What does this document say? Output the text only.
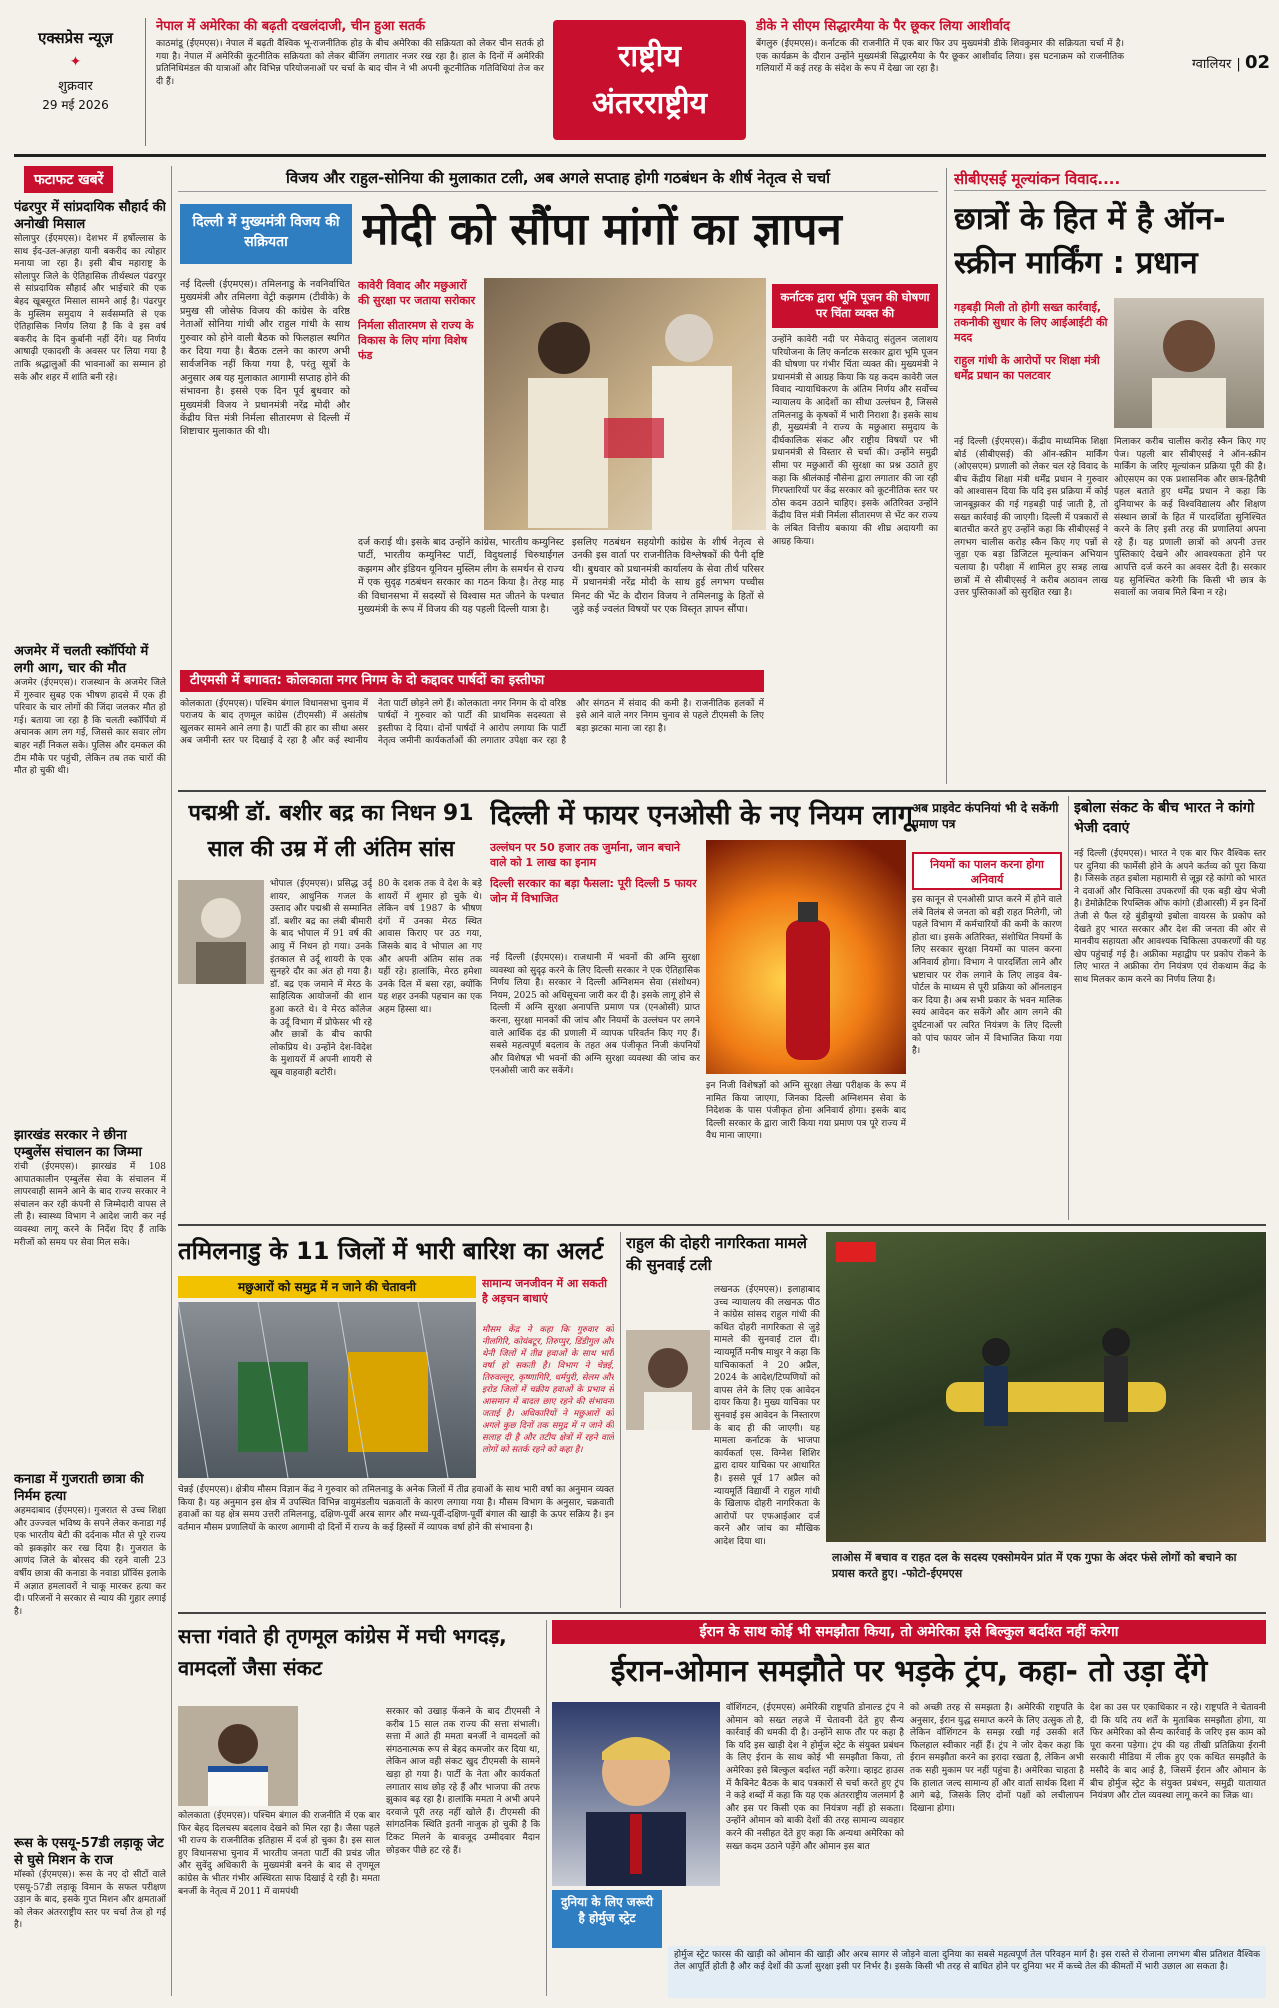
एक्सप्रेस न्यूज़
✦
शुक्रवार
29 मई 2026
नेपाल में अमेरिका की बढ़ती दखलंदाजी, चीन हुआ सतर्क
काठमांडू (ईएमएस)। नेपाल में बढ़ती वैश्विक भू-राजनीतिक होड़ के बीच अमेरिका की सक्रियता को लेकर चीन सतर्क हो गया है। नेपाल में अमेरिकी कूटनीतिक सक्रियता को लेकर बीजिंग लगातार नजर रख रहा है। हाल के दिनों में अमेरिकी प्रतिनिधिमंडल की यात्राओं और विभिन्न परियोजनाओं पर चर्चा के बाद चीन ने भी अपनी कूटनीतिक गतिविधियां तेज कर दी हैं।
राष्ट्रीय
अंतरराष्ट्रीय
डीके ने सीएम सिद्धारमैया के पैर छूकर लिया आशीर्वाद
बेंगलुरु (ईएमएस)। कर्नाटक की राजनीति में एक बार फिर उप मुख्यमंत्री डीके शिवकुमार की सक्रियता चर्चा में है। एक कार्यक्रम के दौरान उन्होंने मुख्यमंत्री सिद्धारमैया के पैर छूकर आशीर्वाद लिया। इस घटनाक्रम को राजनीतिक गलियारों में कई तरह के संदेश के रूप में देखा जा रहा है।	ग्वालियर | 02
फटाफट खबरें
पंढरपुर में सांप्रदायिक सौहार्द की अनोखी मिसाल
सोलापुर (ईएमएस)। देशभर में हर्षोल्लास के साथ ईद-उल-अज़हा यानी बकरीद का त्योहार मनाया जा रहा है। इसी बीच महाराष्ट्र के सोलापुर जिले के ऐतिहासिक तीर्थस्थल पंढरपुर से सांप्रदायिक सौहार्द और भाईचारे की एक बेहद खूबसूरत मिसाल सामने आई है। पंढरपुर के मुस्लिम समुदाय ने सर्वसम्मति से एक ऐतिहासिक निर्णय लिया है कि वे इस वर्ष बकरीद के दिन कुर्बानी नहीं देंगे। यह निर्णय आषाढ़ी एकादशी के अवसर पर लिया गया है ताकि श्रद्धालुओं की भावनाओं का सम्मान हो सके और शहर में शांति बनी रहे।
अजमेर में चलती स्कॉर्पियो में लगी आग, चार की मौत
अजमेर (ईएमएस)। राजस्थान के अजमेर जिले में गुरुवार सुबह एक भीषण हादसे में एक ही परिवार के चार लोगों की जिंदा जलकर मौत हो गई। बताया जा रहा है कि चलती स्कॉर्पियो में अचानक आग लग गई, जिससे कार सवार लोग बाहर नहीं निकल सके। पुलिस और दमकल की टीम मौके पर पहुंची, लेकिन तब तक चारों की मौत हो चुकी थी।
झारखंड सरकार ने छीना एम्बुलेंस संचालन का जिम्मा
रांची (ईएमएस)। झारखंड में 108 आपातकालीन एम्बुलेंस सेवा के संचालन में लापरवाही सामने आने के बाद राज्य सरकार ने संचालन कर रही कंपनी से जिम्मेदारी वापस ले ली है। स्वास्थ्य विभाग ने आदेश जारी कर नई व्यवस्था लागू करने के निर्देश दिए हैं ताकि मरीजों को समय पर सेवा मिल सके।
कनाडा में गुजराती छात्रा की निर्मम हत्या
अहमदाबाद (ईएमएस)। गुजरात से उच्च शिक्षा और उज्ज्वल भविष्य के सपने लेकर कनाडा गई एक भारतीय बेटी की दर्दनाक मौत से पूरे राज्य को झकझोर कर रख दिया है। गुजरात के आणंद जिले के बोरसद की रहने वाली 23 वर्षीय छात्रा की कनाडा के नवाडा प्रॉविंस इलाके में अज्ञात हमलावरों ने चाकू मारकर हत्या कर दी। परिजनों ने सरकार से न्याय की गुहार लगाई है।
रूस के एसयू-57डी लड़ाकू जेट से घुसे मिशन के राज
मॉस्को (ईएमएस)। रूस के नए दो सीटों वाले एसयू-57डी लड़ाकू विमान के सफल परीक्षण उड़ान के बाद, इसके गुप्त मिशन और क्षमताओं को लेकर अंतरराष्ट्रीय स्तर पर चर्चा तेज हो गई है।
विजय और राहुल-सोनिया की मुलाकात टली, अब अगले सप्ताह होगी गठबंधन के शीर्ष नेतृत्व से चर्चा
दिल्ली में मुख्यमंत्री विजय की सक्रियता	मोदी को सौंपा मांगों का ज्ञापन
नई दिल्ली (ईएमएस)। तमिलनाडु के नवनिर्वाचित मुख्यमंत्री और तमिलगा वेट्री कझगम (टीवीके) के प्रमुख सी जोसेफ विजय की कांग्रेस के वरिष्ठ नेताओं सोनिया गांधी और राहुल गांधी के साथ गुरुवार को होने वाली बैठक को फिलहाल स्थगित कर दिया गया है। बैठक टलने का कारण अभी सार्वजनिक नहीं किया गया है, परंतु सूत्रों के अनुसार अब यह मुलाकात आगामी सप्ताह होने की संभावना है। इससे एक दिन पूर्व बुधवार को मुख्यमंत्री विजय ने प्रधानमंत्री नरेंद्र मोदी और केंद्रीय वित्त मंत्री निर्मला सीतारमण से दिल्ली में शिष्टाचार मुलाकात की थी।
कावेरी विवाद और मछुआरों की सुरक्षा पर जताया सरोकार
निर्मला सीतारमण से राज्य के विकास के लिए मांगा विशेष फंड
दर्ज कराई थी। इसके बाद उन्होंने कांग्रेस, भारतीय कम्युनिस्ट पार्टी, भारतीय कम्युनिस्ट पार्टी, विदुथलाई चिरुथाईगल कझगम और इंडियन यूनियन मुस्लिम लीग के समर्थन से राज्य में एक सुदृढ़ गठबंधन सरकार का गठन किया है। तेरह माह की विधानसभा में सदस्यों से विश्वास मत जीतने के पश्चात मुख्यमंत्री के रूप में विजय की यह पहली दिल्ली यात्रा है।
इसलिए गठबंधन सहयोगी कांग्रेस के शीर्ष नेतृत्व से उनकी इस वार्ता पर राजनीतिक विश्लेषकों की पैनी दृष्टि थी। बुधवार को प्रधानमंत्री कार्यालय के सेवा तीर्थ परिसर में प्रधानमंत्री नरेंद्र मोदी के साथ हुई लगभग पच्चीस मिनट की भेंट के दौरान विजय ने तमिलनाडु के हितों से जुड़े कई ज्वलंत विषयों पर एक विस्तृत ज्ञापन सौंपा।
कर्नाटक द्वारा भूमि पूजन की घोषणा पर चिंता व्यक्त की
उन्होंने कावेरी नदी पर मेकेदातु संतुलन जलाशय परियोजना के लिए कर्नाटक सरकार द्वारा भूमि पूजन की घोषणा पर गंभीर चिंता व्यक्त की। मुख्यमंत्री ने प्रधानमंत्री से आग्रह किया कि यह कदम कावेरी जल विवाद न्यायाधिकरण के अंतिम निर्णय और सर्वोच्च न्यायालय के आदेशों का सीधा उल्लंघन है, जिससे तमिलनाडु के कृषकों में भारी निराशा है। इसके साथ ही, मुख्यमंत्री ने राज्य के मछुआरा समुदाय के दीर्घकालिक संकट और राष्ट्रीय विषयों पर भी प्रधानमंत्री से विस्तार से चर्चा की। उन्होंने समुद्री सीमा पर मछुआरों की सुरक्षा का प्रश्न उठाते हुए कहा कि श्रीलंकाई नौसेना द्वारा लगातार की जा रही गिरफ्तारियों पर केंद्र सरकार को कूटनीतिक स्तर पर ठोस कदम उठाने चाहिए। इसके अतिरिक्त उन्होंने केंद्रीय वित्त मंत्री निर्मला सीतारमण से भेंट कर राज्य के लंबित वित्तीय बकाया की शीघ्र अदायगी का आग्रह किया।
टीएमसी में बगावत: कोलकाता नगर निगम के दो कद्दावर पार्षदों का इस्तीफा
कोलकाता (ईएमएस)। पश्चिम बंगाल विधानसभा चुनाव में पराजय के बाद तृणमूल कांग्रेस (टीएमसी) में असंतोष खुलकर सामने आने लगा है। पार्टी की हार का सीधा असर अब जमीनी स्तर पर दिखाई दे रहा है और कई स्थानीय नेता पार्टी छोड़ने लगे हैं। कोलकाता नगर निगम के दो वरिष्ठ पार्षदों ने गुरुवार को पार्टी की प्राथमिक सदस्यता से इस्तीफा दे दिया। दोनों पार्षदों ने आरोप लगाया कि पार्टी नेतृत्व जमीनी कार्यकर्ताओं की लगातार उपेक्षा कर रहा है और संगठन में संवाद की कमी है। राजनीतिक हलकों में इसे आने वाले नगर निगम चुनाव से पहले टीएमसी के लिए बड़ा झटका माना जा रहा है।
सीबीएसई मूल्यांकन विवाद....
छात्रों के हित में है ऑन-स्क्रीन मार्किंग : प्रधान
गड़बड़ी मिली तो होगी सख्त कार्रवाई, तकनीकी सुधार के लिए आईआईटी की मदद
राहुल गांधी के आरोपों पर शिक्षा मंत्री धर्मेंद्र प्रधान का पलटवार
नई दिल्ली (ईएमएस)। केंद्रीय माध्यमिक शिक्षा बोर्ड (सीबीएसई) की ऑन-स्क्रीन मार्किंग (ओएसएम) प्रणाली को लेकर चल रहे विवाद के बीच केंद्रीय शिक्षा मंत्री धर्मेंद्र प्रधान ने गुरुवार को आश्वासन दिया कि यदि इस प्रक्रिया में कोई जानबूझकर की गई गड़बड़ी पाई जाती है, तो सख्त कार्रवाई की जाएगी। दिल्ली में पत्रकारों से बातचीत करते हुए उन्होंने कहा कि सीबीएसई ने लगभग चालीस करोड़ स्कैन किए गए पन्नों से जुड़ा एक बड़ा डिजिटल मूल्यांकन अभियान चलाया है। परीक्षा में शामिल हुए सत्रह लाख छात्रों में से सीबीएसई ने करीब अठावन लाख उत्तर पुस्तिकाओं को सुरक्षित रखा है।
मिलाकर करीब चालीस करोड़ स्कैन किए गए पेज। पहली बार सीबीएसई ने ऑन-स्क्रीन मार्किंग के जरिए मूल्यांकन प्रक्रिया पूरी की है। ओएसएम का एक प्रशासनिक और छात्र-हितैषी पहल बताते हुए धर्मेंद्र प्रधान ने कहा कि दुनियाभर के कई विश्वविद्यालय और शिक्षण संस्थान छात्रों के हित में पारदर्शिता सुनिश्चित करने के लिए इसी तरह की प्रणालियां अपना रहे हैं। यह प्रणाली छात्रों को अपनी उत्तर पुस्तिकाएं देखने और आवश्यकता होने पर आपत्ति दर्ज करने का अवसर देती है। सरकार यह सुनिश्चित करेगी कि किसी भी छात्र के सवालों का जवाब मिले बिना न रहे।
पद्मश्री डॉ. बशीर बद्र का निधन 91 साल की उम्र में ली अंतिम सांस
भोपाल (ईएमएस)। प्रसिद्ध उर्दू शायर, आधुनिक गजल के उस्ताद और पद्मश्री से सम्मानित डॉ. बशीर बद्र का लंबी बीमारी के बाद भोपाल में 91 वर्ष की आयु में निधन हो गया। उनके इंतकाल से उर्दू शायरी के एक सुनहरे दौर का अंत हो गया है। डॉ. बद्र एक जमाने में मेरठ के साहित्यिक आयोजनों की शान हुआ करते थे। वे मेरठ कॉलेज के उर्दू विभाग में प्रोफेसर भी रहे और छात्रों के बीच काफी लोकप्रिय थे। उन्होंने देश-विदेश के मुशायरों में अपनी शायरी से खूब वाहवाही बटोरी।
80 के दशक तक वे देश के बड़े शायरों में शुमार हो चुके थे। लेकिन वर्ष 1987 के भीषण दंगों में उनका मेरठ स्थित आवास किराए पर उठ गया, जिसके बाद वे भोपाल आ गए और अपनी अंतिम सांस तक यहीं रहे। हालांकि, मेरठ हमेशा उनके दिल में बसा रहा, क्योंकि यह शहर उनकी पहचान का एक अहम हिस्सा था।
दिल्ली में फायर एनओसी के नए नियम लागू
उल्लंघन पर 50 हजार तक जुर्माना, जान बचाने वाले को 1 लाख का इनाम
दिल्ली सरकार का बड़ा फैसला: पूरी दिल्ली 5 फायर जोन में विभाजित
नई दिल्ली (ईएमएस)। राजधानी में भवनों की अग्नि सुरक्षा व्यवस्था को सुदृढ़ करने के लिए दिल्ली सरकार ने एक ऐतिहासिक निर्णय लिया है। सरकार ने दिल्ली अग्निशमन सेवा (संशोधन) नियम, 2025 को अधिसूचना जारी कर दी है। इसके लागू होने से दिल्ली में अग्नि सुरक्षा अनापत्ति प्रमाण पत्र (एनओसी) प्राप्त करना, सुरक्षा मानकों की जांच और नियमों के उल्लंघन पर लगने वाले आर्थिक दंड की प्रणाली में व्यापक परिवर्तन किए गए हैं। सबसे महत्वपूर्ण बदलाव के तहत अब पंजीकृत निजी कंपनियों और विशेषज्ञ भी भवनों की अग्नि सुरक्षा व्यवस्था की जांच कर एनओसी जारी कर सकेंगे।
इन निजी विशेषज्ञों को अग्नि सुरक्षा लेखा परीक्षक के रूप में नामित किया जाएगा, जिनका दिल्ली अग्निशमन सेवा के निदेशक के पास पंजीकृत होना अनिवार्य होगा। इसके बाद दिल्ली सरकार के द्वारा जारी किया गया प्रमाण पत्र पूरे राज्य में वैध माना जाएगा।
अब प्राइवेट कंपनियां भी दे सकेंगी प्रमाण पत्र
नियमों का पालन करना होगा अनिवार्य
इस कानून से एनओसी प्राप्त करने में होने वाले लंबे विलंब से जनता को बड़ी राहत मिलेगी, जो पहले विभाग में कर्मचारियों की कमी के कारण होता था। इसके अतिरिक्त, संशोधित नियमों के लिए सरकार सुरक्षा नियमों का पालन करना अनिवार्य होगा। विभाग ने पारदर्शिता लाने और भ्रष्टाचार पर रोक लगाने के लिए लाइव वेब-पोर्टल के माध्यम से पूरी प्रक्रिया को ऑनलाइन कर दिया है। अब सभी प्रकार के भवन मालिक स्वयं आवेदन कर सकेंगे और आग लगने की दुर्घटनाओं पर त्वरित नियंत्रण के लिए दिल्ली को पांच फायर जोन में विभाजित किया गया है।
इबोला संकट के बीच भारत ने कांगो भेजी दवाएं
नई दिल्ली (ईएमएस)। भारत ने एक बार फिर वैश्विक स्तर पर दुनिया की फार्मेसी होने के अपने कर्तव्य को पूरा किया है। जिसके तहत इबोला महामारी से जूझ रहे कांगो को भारत ने दवाओं और चिकित्सा उपकरणों की एक बड़ी खेप भेजी है। डेमोक्रेटिक रिपब्लिक ऑफ कांगो (डीआरसी) में इन दिनों तेजी से फैल रहे बुंडीबुग्यो इबोला वायरस के प्रकोप को देखते हुए भारत सरकार और देश की जनता की ओर से मानवीय सहायता और आवश्यक चिकित्सा उपकरणों की यह खेप पहुंचाई गई है। अफ्रीका महाद्वीप पर प्रकोप रोकने के लिए भारत ने अफ्रीका रोग नियंत्रण एवं रोकथाम केंद्र के साथ मिलकर काम करने का निर्णय लिया है।
तमिलनाडु के 11 जिलों में भारी बारिश का अलर्ट
मछुआरों को समुद्र में न जाने की चेतावनी
चेन्नई (ईएमएस)। क्षेत्रीय मौसम विज्ञान केंद्र ने गुरुवार को तमिलनाडु के अनेक जिलों में तीव्र हवाओं के साथ भारी वर्षा का अनुमान व्यक्त किया है। यह अनुमान इस क्षेत्र में उपस्थित विभिन्न वायुमंडलीय चक्रवातों के कारण लगाया गया है। मौसम विभाग के अनुसार, चक्रवाती हवाओं का यह क्षेत्र समय उत्तरी तमिलनाडु, दक्षिण-पूर्वी अरब सागर और मध्य-पूर्वी-दक्षिण-पूर्वी बंगाल की खाड़ी के ऊपर सक्रिय है। इन वर्तमान मौसम प्रणालियों के कारण आगामी दो दिनों में राज्य के कई हिस्सों में व्यापक वर्षा होने की संभावना है।
सामान्य जनजीवन में आ सकती है अड़चन बाधाएं
मौसम केंद्र ने कहा कि गुरुवार को नीलगिरि, कोयंबटूर, तिरुप्पुर, डिंडीगुल और थेनी जिलों में तीव्र हवाओं के साथ भारी वर्षा हो सकती है। विभाग ने चेन्नई, तिरुवल्लूर, कृष्णागिरि, धर्मपुरी, सेलम और इरोड जिलों में चक्रीय हवाओं के प्रभाव से आसमान में बादल छाए रहने की संभावना जताई है। अधिकारियों ने मछुआरों को अगले कुछ दिनों तक समुद्र में न जाने की सलाह दी है और तटीय क्षेत्रों में रहने वाले लोगों को सतर्क रहने को कहा है।
राहुल की दोहरी नागरिकता मामले की सुनवाई टली
लखनऊ (ईएमएस)। इलाहाबाद उच्च न्यायालय की लखनऊ पीठ ने कांग्रेस सांसद राहुल गांधी की कथित दोहरी नागरिकता से जुड़े मामले की सुनवाई टाल दी। न्यायमूर्ति मनीष माथुर ने कहा कि याचिकाकर्ता ने 20 अप्रैल, 2024 के आदेश/टिप्पणियों को वापस लेने के लिए एक आवेदन दायर किया है। मुख्य याचिका पर सुनवाई इस आवेदन के निस्तारण के बाद ही की जाएगी। यह मामला कर्नाटक के भाजपा कार्यकर्ता एस. विग्नेश शिशिर द्वारा दायर याचिका पर आधारित है। इससे पूर्व 17 अप्रैल को न्यायमूर्ति विद्यार्थी ने राहुल गांधी के खिलाफ दोहरी नागरिकता के आरोपों पर एफआईआर दर्ज करने और जांच का मौखिक आदेश दिया था।
लाओस में बचाव व राहत दल के सदस्य एक्सोमयेन प्रांत में एक गुफा के अंदर फंसे लोगों को बचाने का प्रयास करते हुए। -फोटो-ईएमएस
सत्ता गंवाते ही तृणमूल कांग्रेस में मची भगदड़, वामदलों जैसा संकट
कोलकाता (ईएमएस)। पश्चिम बंगाल की राजनीति में एक बार फिर बेहद दिलचस्प बदलाव देखने को मिल रहा है। जैसा पहले भी राज्य के राजनीतिक इतिहास में दर्ज हो चुका है। इस साल हुए विधानसभा चुनाव में भारतीय जनता पार्टी की प्रचंड जीत और सुवेंदु अधिकारी के मुख्यमंत्री बनने के बाद से तृणमूल कांग्रेस के भीतर गंभीर अस्थिरता साफ दिखाई दे रही है। ममता बनर्जी के नेतृत्व में 2011 में वामपंथी
सरकार को उखाड़ फेंकने के बाद टीएमसी ने करीब 15 साल तक राज्य की सत्ता संभाली। सत्ता में आते ही ममता बनर्जी ने वामदलों को संगठनात्मक रूप से बेहद कमजोर कर दिया था, लेकिन आज वही संकट खुद टीएमसी के सामने खड़ा हो गया है। पार्टी के नेता और कार्यकर्ता लगातार साथ छोड़ रहे हैं और भाजपा की तरफ झुकाव बढ़ रहा है। हालांकि ममता ने अभी अपने दरवाजे पूरी तरह नहीं खोले हैं। टीएमसी की सांगठनिक स्थिति इतनी नाजुक हो चुकी है कि टिकट मिलने के बावजूद उम्मीदवार मैदान छोड़कर पीछे हट रहे हैं।
ईरान के साथ कोई भी समझौता किया, तो अमेरिका इसे बिल्कुल बर्दाश्त नहीं करेगा
ईरान-ओमान समझौते पर भड़के ट्रंप, कहा- तो उड़ा देंगे
दुनिया के लिए जरूरी है होर्मुज स्ट्रेट
वॉशिंगटन, (ईएमएस) अमेरिकी राष्ट्रपति डोनाल्ड ट्रंप ने ओमान को सख्त लहजे में चेतावनी देते हुए सैन्य कार्रवाई की धमकी दी है। उन्होंने साफ तौर पर कहा है कि यदि इस खाड़ी देश ने होर्मुज स्ट्रेट के संयुक्त प्रबंधन के लिए ईरान के साथ कोई भी समझौता किया, तो अमेरिका इसे बिल्कुल बर्दाश्त नहीं करेगा। व्हाइट हाउस में कैबिनेट बैठक के बाद पत्रकारों से चर्चा करते हुए ट्रंप ने कड़े शब्दों में कहा कि यह एक अंतरराष्ट्रीय जलमार्ग है और इस पर किसी एक का नियंत्रण नहीं हो सकता। उन्होंने ओमान को बाकी देशों की तरह सामान्य व्यवहार करने की नसीहत देते हुए कहा कि अन्यथा अमेरिका को सख्त कदम उठाने पड़ेंगे और ओमान इस बात
को अच्छी तरह से समझता है। अमेरिकी राष्ट्रपति के अनुसार, ईरान युद्ध समाप्त करने के लिए उत्सुक तो है, लेकिन वॉशिंगटन के समझ रखी गई उसकी शर्तें फिलहाल स्वीकार नहीं हैं। ट्रंप ने जोर देकर कहा कि ईरान समझौता करने का इरादा रखता है, लेकिन अभी तक सही मुकाम पर नहीं पहुंचा है। अमेरिका चाहता है कि हालात जल्द सामान्य हों और वार्ता सार्थक दिशा में आगे बढ़े, जिसके लिए दोनों पक्षों को लचीलापन दिखाना होगा।
देश का उस पर एकाधिकार न रहे। राष्ट्रपति ने चेतावनी दी कि यदि तय शर्तें के मुताबिक समझौता होगा, या फिर अमेरिका को सैन्य कार्रवाई के जरिए इस काम को पूरा करना पड़ेगा। ट्रंप की यह तीखी प्रतिक्रिया ईरानी सरकारी मीडिया में लीक हुए एक कथित समझौते के मसौदे के बाद आई है, जिसमें ईरान और ओमान के बीच होर्मुज स्ट्रेट के संयुक्त प्रबंधन, समुद्री यातायात नियंत्रण और टोल व्यवस्था लागू करने का जिक्र था।
होर्मुज स्ट्रेट फारस की खाड़ी को ओमान की खाड़ी और अरब सागर से जोड़ने वाला दुनिया का सबसे महत्वपूर्ण तेल परिवहन मार्ग है। इस रास्ते से रोजाना लगभग बीस प्रतिशत वैश्विक तेल आपूर्ति होती है और कई देशों की ऊर्जा सुरक्षा इसी पर निर्भर है। इसके किसी भी तरह से बाधित होने पर दुनिया भर में कच्चे तेल की कीमतों में भारी उछाल आ सकता है।
